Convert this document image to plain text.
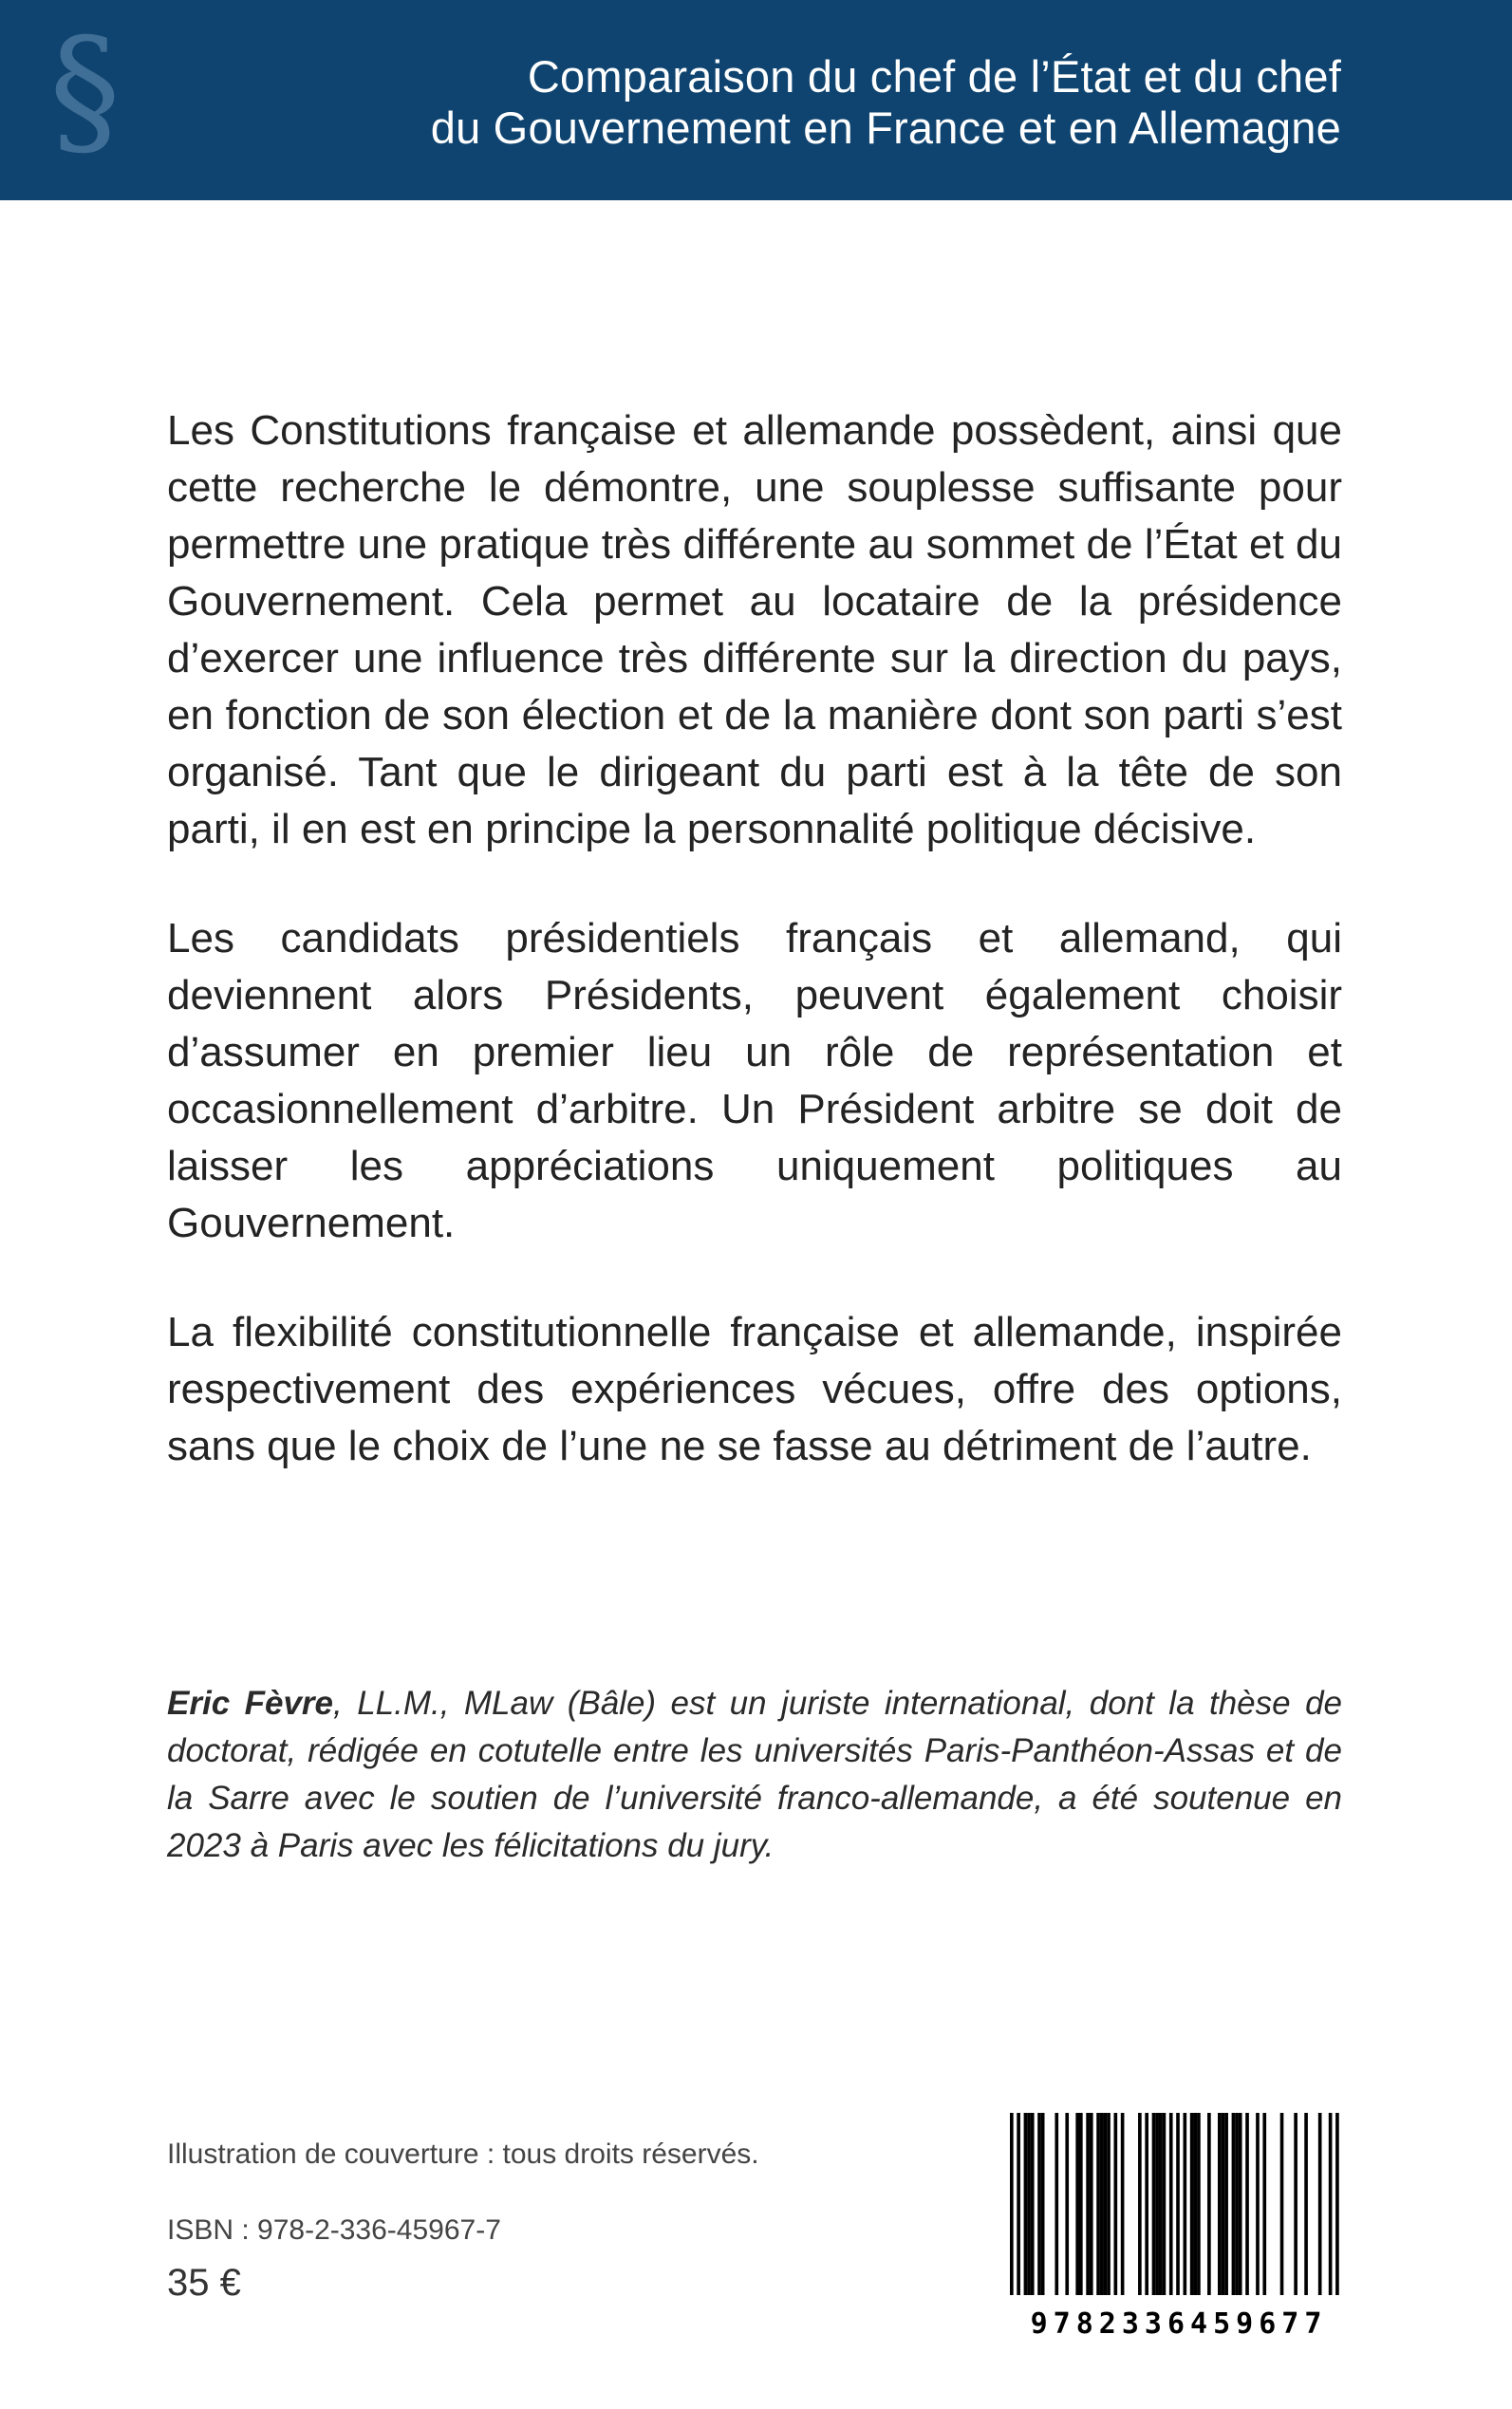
§	Comparaison du chef de l’État et du chef
du Gouvernement en France et en Allemagne

Les Constitutions française et allemande possèdent, ainsi que cette recherche le démontre, une souplesse suffisante pour permettre une pratique très différente au sommet de l’État et du Gouvernement. Cela permet au locataire de la présidence d’exercer une influence très différente sur la direction du pays, en fonction de son élection et de la manière dont son parti s’est organisé. Tant que le dirigeant du parti est à la tête de son parti, il en est en principe la personnalité politique décisive.

Les candidats présidentiels français et allemand, qui deviennent alors Présidents, peuvent également choisir d’assumer en premier lieu un rôle de représentation et occasionnellement d’arbitre. Un Président arbitre se doit de laisser les appréciations uniquement politiques au Gouvernement.

La flexibilité constitutionnelle française et allemande, inspirée respectivement des expériences vécues, offre des options, sans que le choix de l’une ne se fasse au détriment de l’autre.

Eric Fèvre, LL.M., MLaw (Bâle) est un juriste international, dont la thèse de doctorat, rédigée en cotutelle entre les universités Paris-Panthéon-Assas et de la Sarre avec le soutien de l’université franco-allemande, a été soutenue en 2023 à Paris avec les félicitations du jury.
Illustration de couverture : tous droits réservés.
ISBN : 978-2-336-45967-7
35 €
9782336459677
